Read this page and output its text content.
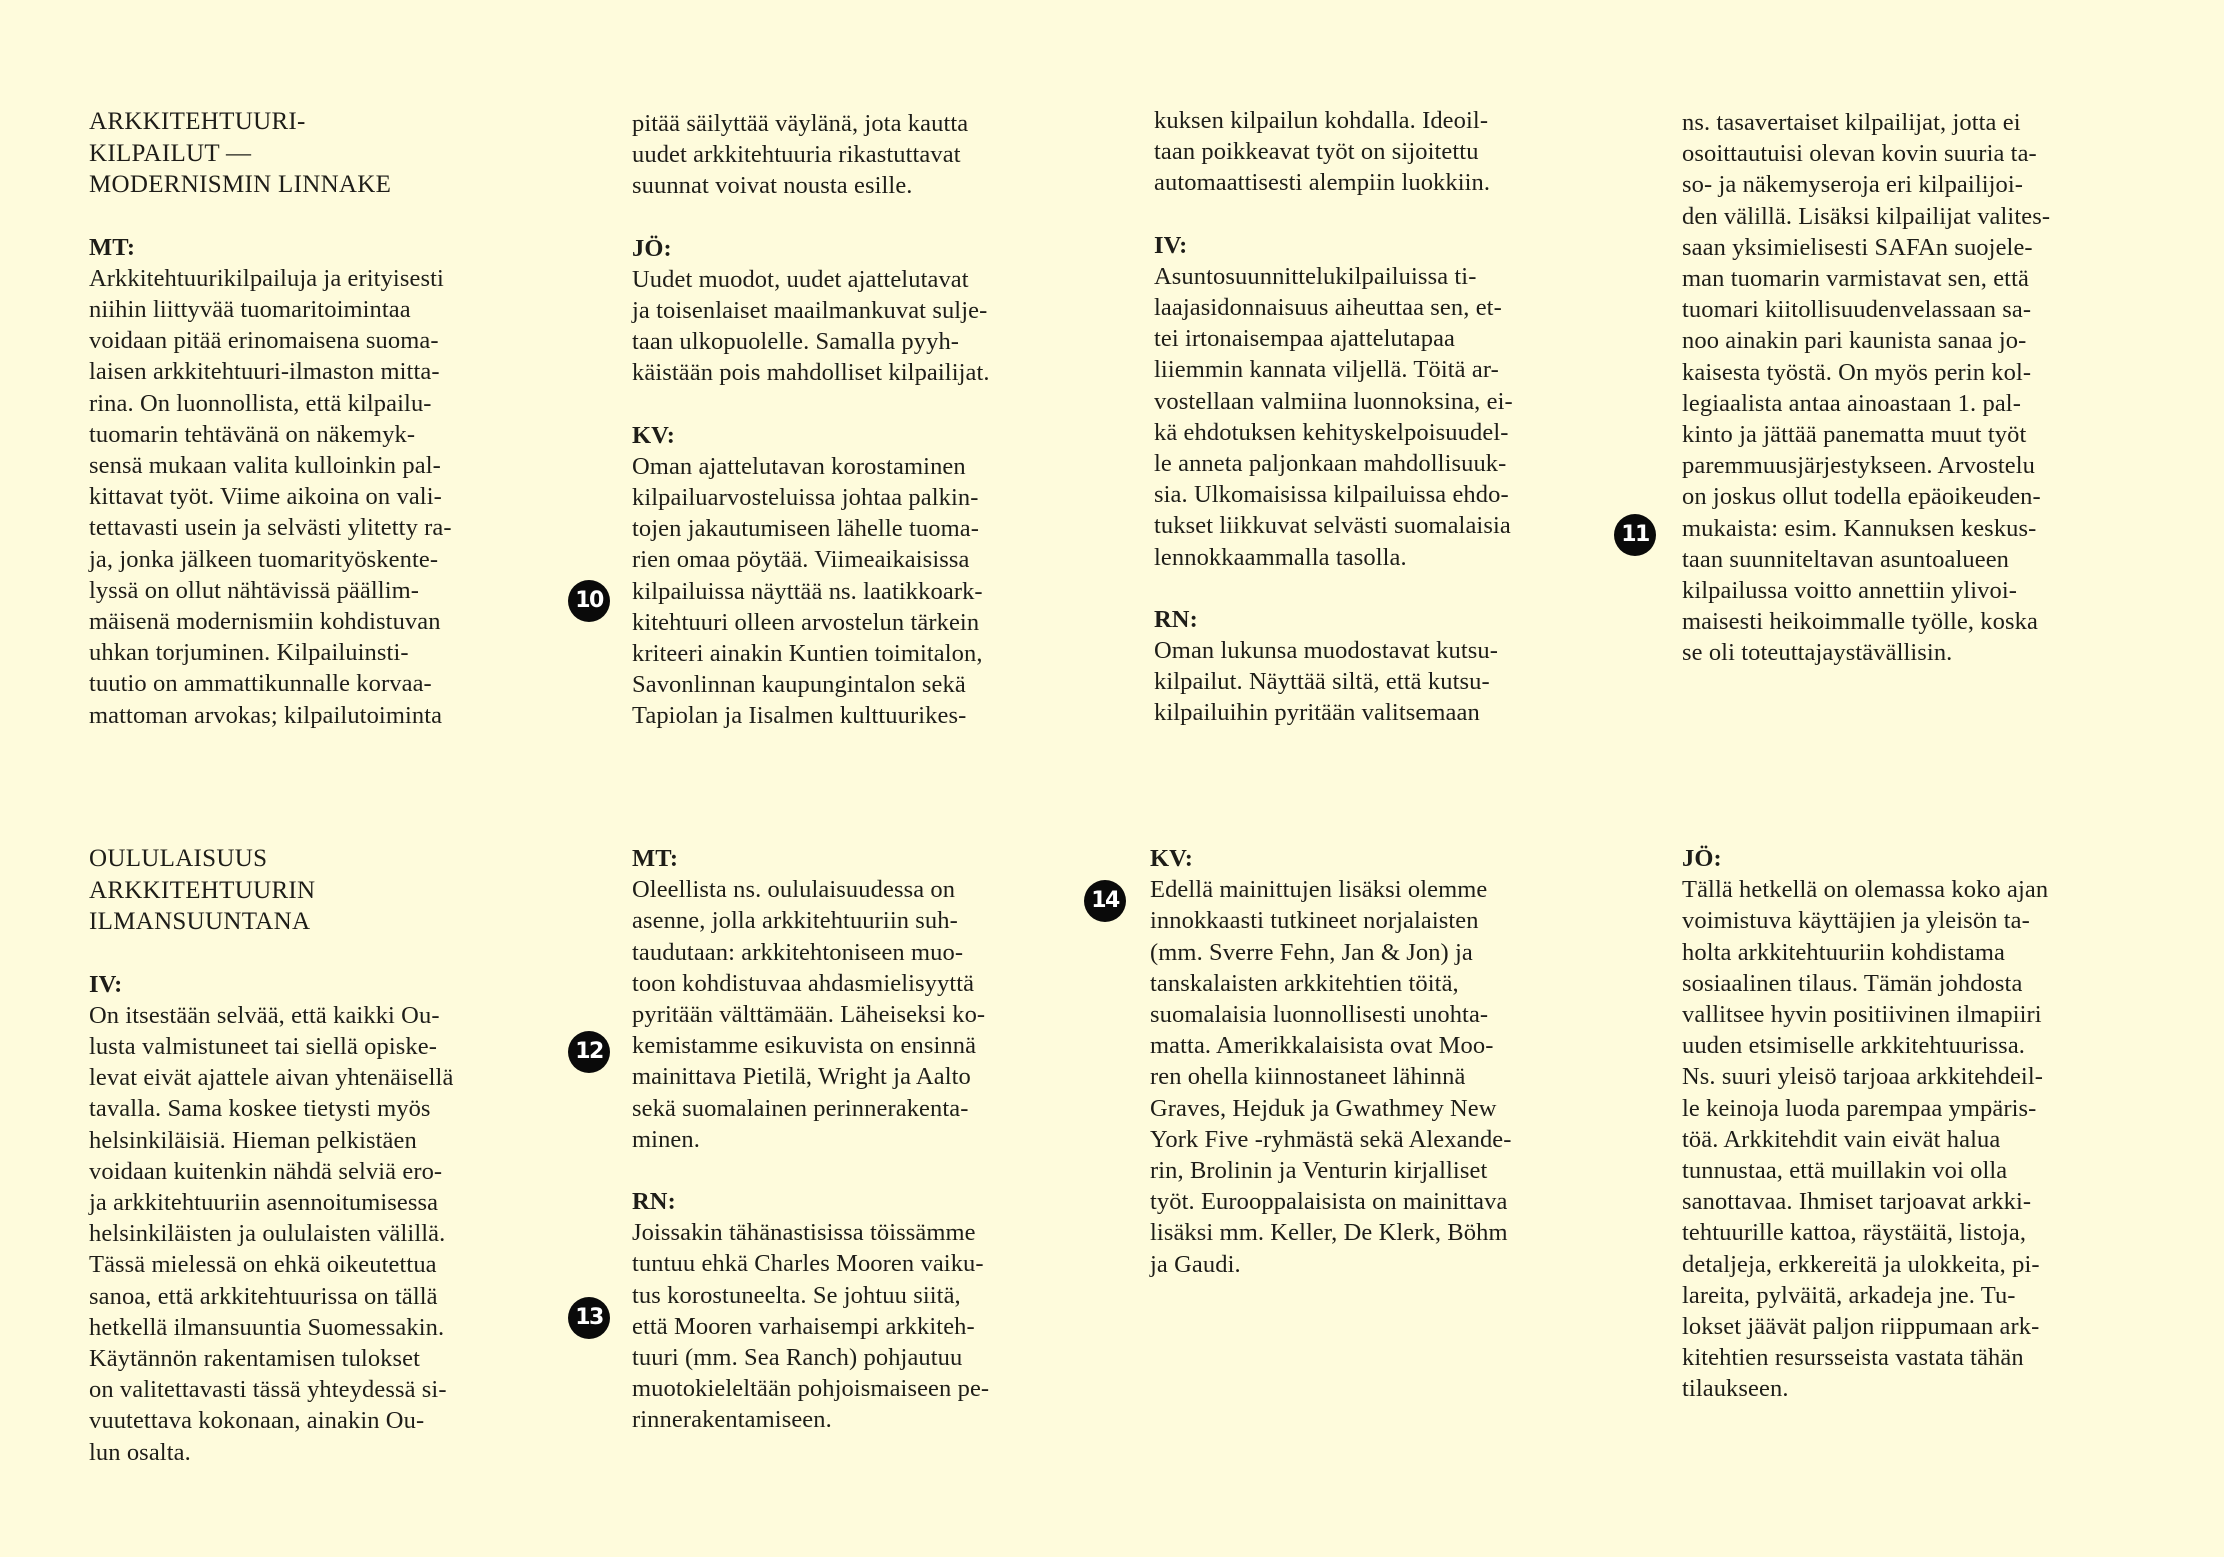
ARKKITEHTUURI-
KILPAILUT —
MODERNISMIN LINNAKE

MT:

Arkkitehtuurikilpailuja ja erityisesti
niihin liittyvää tuomaritoimintaa
voidaan pitää erinomaisena suoma-
laisen arkkitehtuuri-ilmaston mitta-
rina. On luonnollista, että kilpailu-
tuomarin tehtävänä on näkemyk-
sensä mukaan valita kulloinkin pal-
kittavat työt. Viime aikoina on vali-
tettavasti usein ja selvästi ylitetty ra-
ja, jonka jälkeen tuomarityöskente-
lyssä on ollut nähtävissä päällim-
mäisenä modernismiin kohdistuvan
uhkan torjuminen. Kilpailuinsti-
tuutio on ammattikunnalle korvaa-
mattoman arvokas; kilpailutoiminta

pitää säilyttää väylänä, jota kautta
uudet arkkitehtuuria rikastuttavat
suunnat voivat nousta esille.

JÖ:

Uudet muodot, uudet ajattelutavat
ja toisenlaiset maailmankuvat sulje-
taan ulkopuolelle. Samalla pyyh-
käistään pois mahdolliset kilpailijat.

KV:

Oman ajattelutavan korostaminen
kilpailuarvosteluissa johtaa palkin-
tojen jakautumiseen lähelle tuoma-
rien omaa pöytää. Viimeaikaisissa
kilpailuissa näyttää ns. laatikkoark-
kitehtuuri olleen arvostelun tärkein
kriteeri ainakin Kuntien toimitalon,
Savonlinnan kaupungintalon sekä
Tapiolan ja Iisalmen kulttuurikes-

kuksen kilpailun kohdalla. Ideoil-
taan poikkeavat työt on sijoitettu
automaattisesti alempiin luokkiin.

IV:

Asuntosuunnittelukilpailuissa ti-
laajasidonnaisuus aiheuttaa sen, et-
tei irtonaisempaa ajattelutapaa
liiemmin kannata viljellä. Töitä ar-
vostellaan valmiina luonnoksina, ei-
kä ehdotuksen kehityskelpoisuudel-
le anneta paljonkaan mahdollisuuk-
sia. Ulkomaisissa kilpailuissa ehdo-
tukset liikkuvat selvästi suomalaisia
lennokkaammalla tasolla.

RN:

Oman lukunsa muodostavat kutsu-
kilpailut. Näyttää siltä, että kutsu-
kilpailuihin pyritään valitsemaan

ns. tasavertaiset kilpailijat, jotta ei
osoittautuisi olevan kovin suuria ta-
so- ja näkemyseroja eri kilpailijoi-
den välillä. Lisäksi kilpailijat valites-
saan yksimielisesti SAFAn suojele-
man tuomarin varmistavat sen, että
tuomari kiitollisuudenvelassaan sa-
noo ainakin pari kaunista sanaa jo-
kaisesta työstä. On myös perin kol-
legiaalista antaa ainoastaan 1. pal-
kinto ja jättää panematta muut työt
paremmuusjärjestykseen. Arvostelu
on joskus ollut todella epäoikeuden-
mukaista: esim. Kannuksen keskus-
taan suunniteltavan asuntoalueen
kilpailussa voitto annettiin ylivoi-
maisesti heikoimmalle työlle, koska
se oli toteuttajaystävällisin.

OULULAISUUS
ARKKITEHTUURIN
ILMANSUUNTANA

IV:

On itsestään selvää, että kaikki Ou-
lusta valmistuneet tai siellä opiske-
levat eivät ajattele aivan yhtenäisellä
tavalla. Sama koskee tietysti myös
helsinkiläisiä. Hieman pelkistäen
voidaan kuitenkin nähdä selviä ero-
ja arkkitehtuuriin asennoitumisessa
helsinkiläisten ja oululaisten välillä.
Tässä mielessä on ehkä oikeutettua
sanoa, että arkkitehtuurissa on tällä
hetkellä ilmansuuntia Suomessakin.
Käytännön rakentamisen tulokset
on valitettavasti tässä yhteydessä si-
vuutettava kokonaan, ainakin Ou-
lun osalta.

MT:

Oleellista ns. oululaisuudessa on
asenne, jolla arkkitehtuuriin suh-
taudutaan: arkkitehtoniseen muo-
toon kohdistuvaa ahdasmielisyyttä
pyritään välttämään. Läheiseksi ko-
kemistamme esikuvista on ensinnä
mainittava Pietilä, Wright ja Aalto
sekä suomalainen perinnerakenta-
minen.

RN:

Joissakin tähänastisissa töissämme
tuntuu ehkä Charles Mooren vaiku-
tus korostuneelta. Se johtuu siitä,
että Mooren varhaisempi arkkiteh-
tuuri (mm. Sea Ranch) pohjautuu
muotokieleltään pohjoismaiseen pe-
rinnerakentamiseen.

KV:

Edellä mainittujen lisäksi olemme
innokkaasti tutkineet norjalaisten
(mm. Sverre Fehn, Jan & Jon) ja
tanskalaisten arkkitehtien töitä,
suomalaisia luonnollisesti unohta-
matta. Amerikkalaisista ovat Moo-
ren ohella kiinnostaneet lähinnä
Graves, Hejduk ja Gwathmey New
York Five -ryhmästä sekä Alexande-
rin, Brolinin ja Venturin kirjalliset
työt. Eurooppalaisista on mainittava
lisäksi mm. Keller, De Klerk, Böhm
ja Gaudi.

JÖ:

Tällä hetkellä on olemassa koko ajan
voimistuva käyttäjien ja yleisön ta-
holta arkkitehtuuriin kohdistama
sosiaalinen tilaus. Tämän johdosta
vallitsee hyvin positiivinen ilmapiiri
uuden etsimiselle arkkitehtuurissa.
Ns. suuri yleisö tarjoaa arkkitehdeil-
le keinoja luoda parempaa ympäris-
töä. Arkkitehdit vain eivät halua
tunnustaa, että muillakin voi olla
sanottavaa. Ihmiset tarjoavat arkki-
tehtuurille kattoa, räystäitä, listoja,
detaljeja, erkkereitä ja ulokkeita, pi-
lareita, pylväitä, arkadeja jne. Tu-
lokset jäävät paljon riippumaan ark-
kitehtien resursseista vastata tähän
tilaukseen.

10
11
12
13
14
